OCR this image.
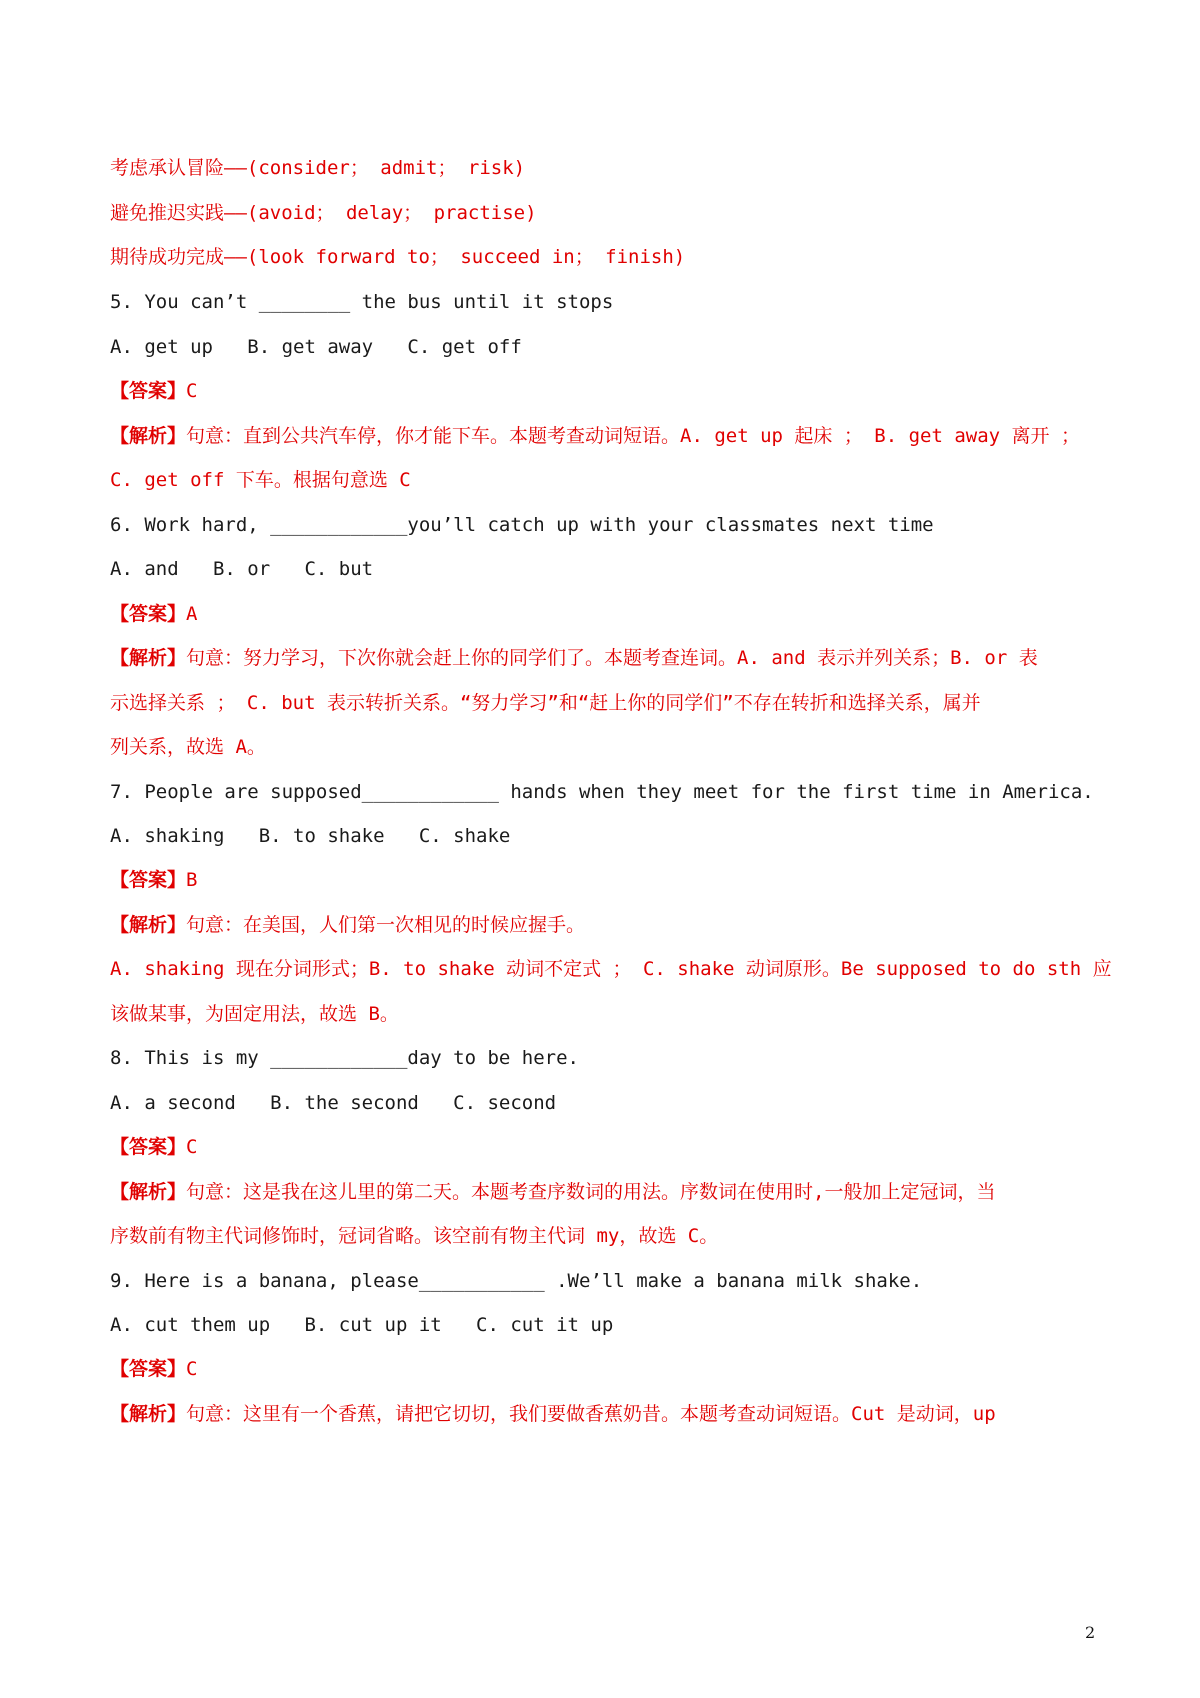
考虑承认冒险——(consider； admit； risk)
避免推迟实践——(avoid； delay； practise)
期待成功完成——(look forward to； succeed in； finish)
5. You can’t ________ the bus until it stops
A. get up   B. get away   C. get off
【答案】C
【解析】句意：直到公共汽车停，你才能下车。本题考查动词短语。A. get up 起床 ； B. get away 离开 ；
C. get off 下车。根据句意选 C
6. Work hard, ____________you’ll catch up with your classmates next time
A. and   B. or   C. but
【答案】A
【解析】句意：努力学习，下次你就会赶上你的同学们了。本题考查连词。A. and 表示并列关系；B. or 表
示选择关系 ； C. but 表示转折关系。“努力学习”和“赶上你的同学们”不存在转折和选择关系，属并
列关系，故选 A。
7. People are supposed____________ hands when they meet for the first time in America.
A. shaking   B. to shake   C. shake
【答案】B
【解析】句意：在美国，人们第一次相见的时候应握手。
A. shaking 现在分词形式；B. to shake 动词不定式 ； C. shake 动词原形。Be supposed to do sth 应
该做某事，为固定用法，故选 B。
8. This is my ____________day to be here.
A. a second   B. the second   C. second
【答案】C
【解析】句意：这是我在这儿里的第二天。本题考查序数词的用法。序数词在使用时,一般加上定冠词，当
序数前有物主代词修饰时，冠词省略。该空前有物主代词 my，故选 C。
9. Here is a banana, please___________ .We’ll make a banana milk shake.
A. cut them up   B. cut up it   C. cut it up
【答案】C
【解析】句意：这里有一个香蕉，请把它切切，我们要做香蕉奶昔。本题考查动词短语。Cut 是动词，up
2
